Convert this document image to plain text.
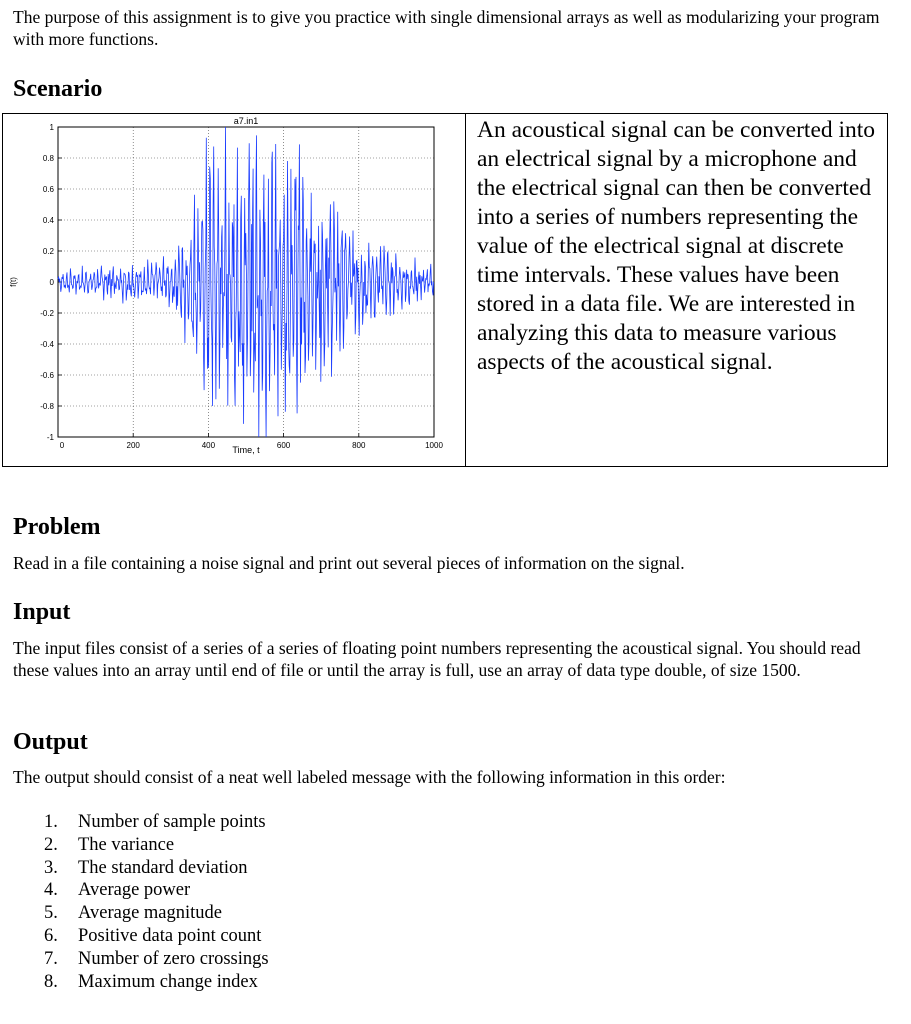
The purpose of this assignment is to give you practice with single dimensional arrays as well as modularizing your program with more functions.

Scenario
a7.in1
Time, t
f(t)
0	200	400	600	800	1000
1
0.8
0.6
0.4
0.2
0
-0.2
-0.4
-0.6
-0.8
-1

An acoustical signal can be converted into an electrical signal by a microphone and the electrical signal can then be converted into a series of numbers representing the value of the electrical signal at discrete time intervals. These values have been stored in a data file. We are interested in analyzing this data to measure various aspects of the acoustical signal.

Problem

Read in a file containing a noise signal and print out several pieces of information on the signal.

Input

The input files consist of a series of a series of floating point numbers representing the acoustical signal. You should read these values into an array until end of file or until the array is full, use an array of data type double, of size 1500.

Output

The output should consist of a neat well labeled message with the following information in this order:

1. Number of sample points
2. The variance
3. The standard deviation
4. Average power
5. Average magnitude
6. Positive data point count
7. Number of zero crossings
8. Maximum change index
